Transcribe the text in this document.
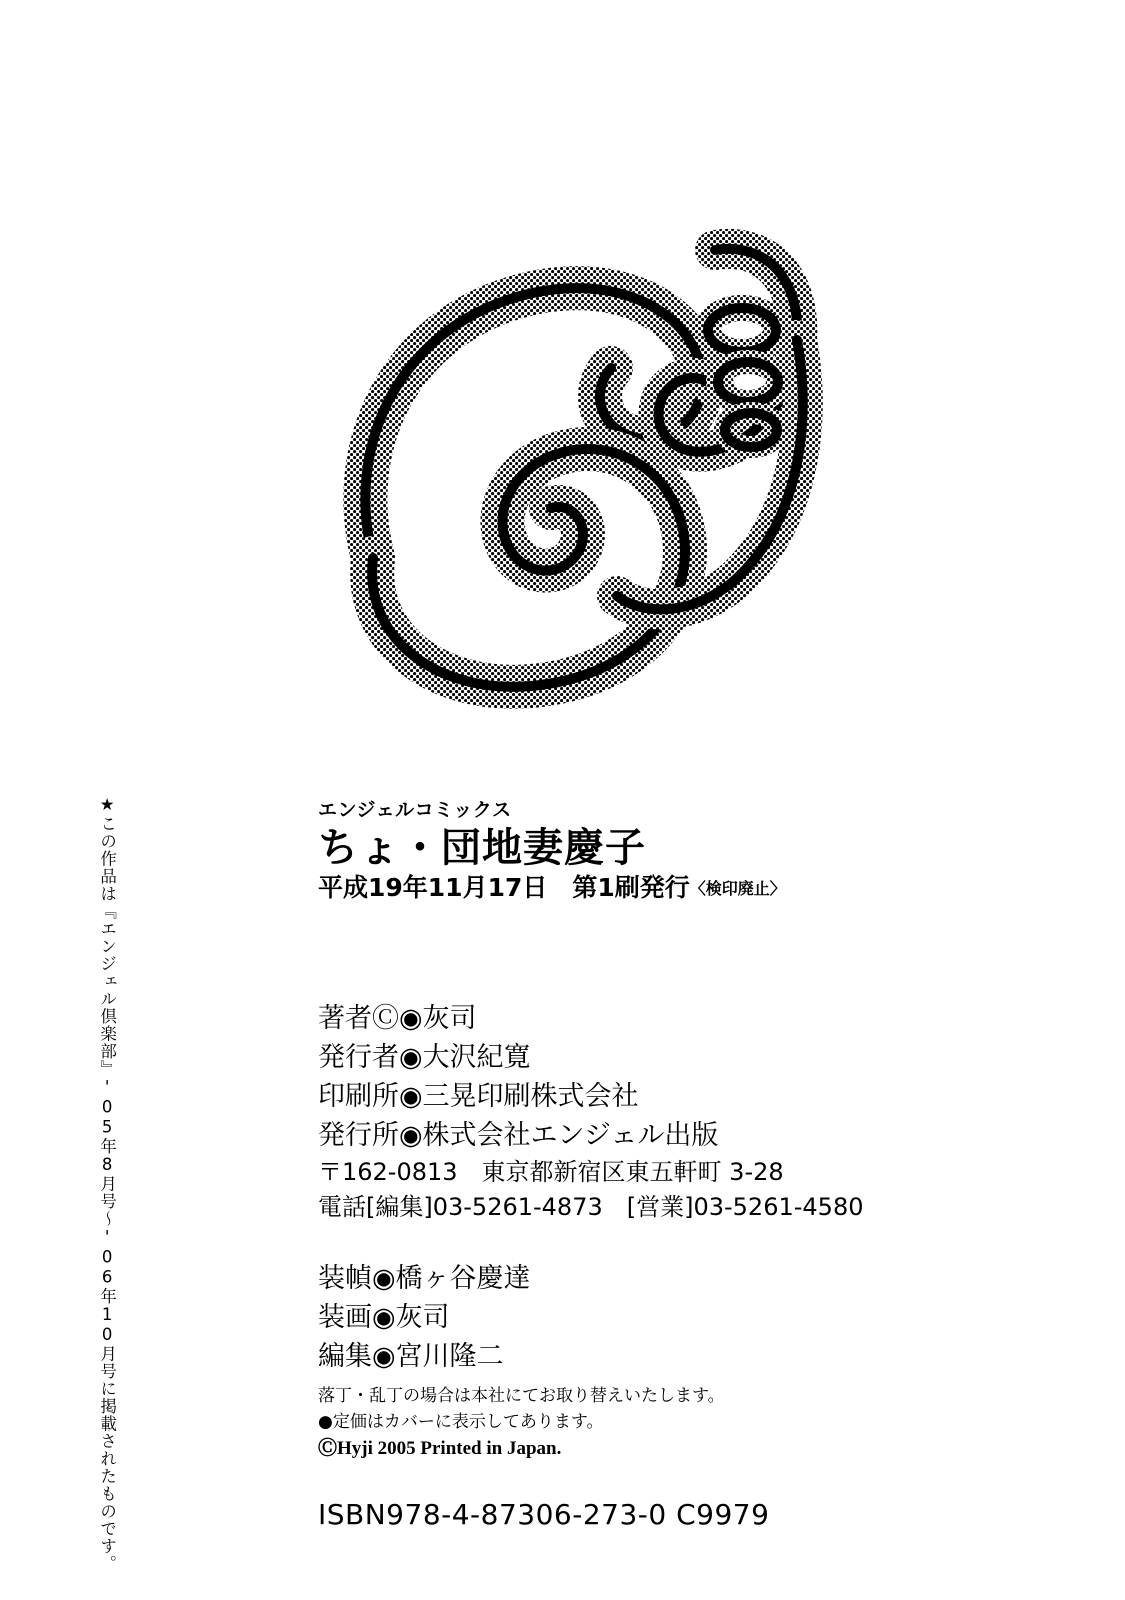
★この作品は『エンジェル倶楽部』'05年8月号〜'06年10月号に掲載されたものです。	エンジェルコミックス

ちょ・団地妻慶子

平成19年11月17日　第1刷発行〈検印廃止〉

著者Ⓒ◉灰司
発行者◉大沢紀寛
印刷所◉三晃印刷株式会社
発行所◉株式会社エンジェル出版
〒162-0813　東京都新宿区東五軒町 3-28
電話[編集]03-5261-4873　[営業]03-5261-4580
装幀◉橋ヶ谷慶達
装画◉灰司
編集◉宮川隆二
落丁・乱丁の場合は本社にてお取り替えいたします。
●定価はカバーに表示してあります。
ⒸHyji 2005 Printed in Japan.
ISBN978-4-87306-273-0 C9979
